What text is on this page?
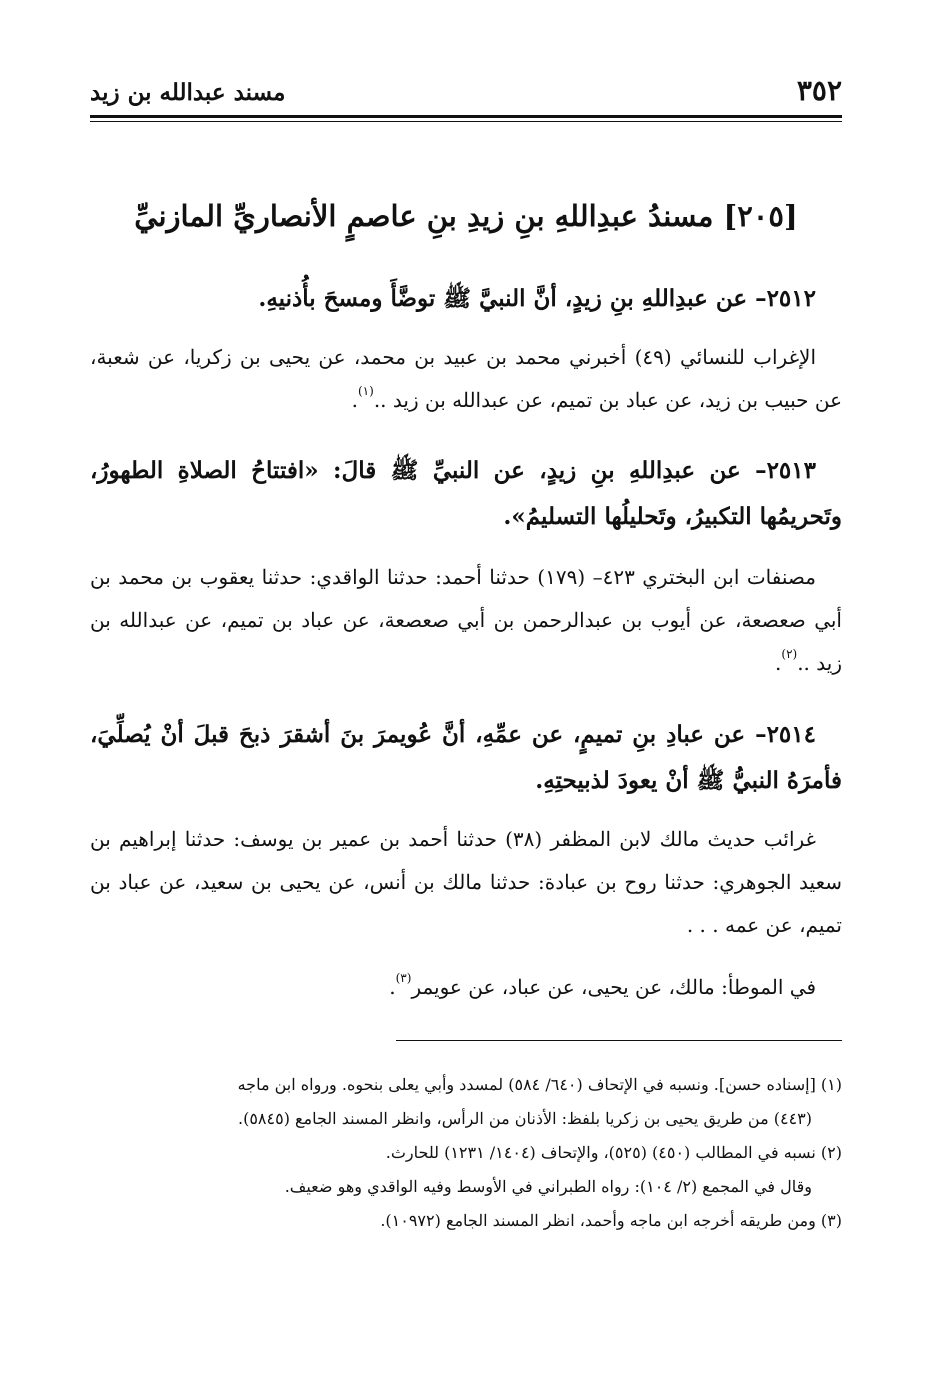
٣٥٢
مسند عبدالله بن زيد
[٢٠٥] مسندُ عبدِاللهِ بنِ زيدِ بنِ عاصمٍ الأنصاريِّ المازنيِّ
٢٥١٢– عن عبدِاللهِ بنِ زيدٍ، أنَّ النبيَّ ﷺ توضَّأَ ومسحَ بأُذنيهِ.
الإغراب للنسائي (٤٩) أخبرني محمد بن عبيد بن محمد، عن يحيى بن زكريا، عن شعبة، عن حبيب بن زيد، عن عباد بن تميم، عن عبدالله بن زيد ..$^{(١)}$.
٢٥١٣– عن عبدِاللهِ بنِ زيدٍ، عن النبيِّ ﷺ قالَ: «افتتاحُ الصلاةِ الطهورُ، وتَحريمُها التكبيرُ، وتَحليلُها التسليمُ».
مصنفات ابن البختري ٤٢٣– (١٧٩) حدثنا أحمد: حدثنا الواقدي: حدثنا يعقوب بن محمد بن أبي صعصعة، عن أيوب بن عبدالرحمن بن أبي صعصعة، عن عباد بن تميم، عن عبدالله بن زيد ..$^{(٢)}$.
٢٥١٤– عن عبادِ بنِ تميمٍ، عن عمِّهِ، أنَّ عُويمرَ بنَ أشقرَ ذبحَ قبلَ أنْ يُصلِّيَ، فأمرَهُ النبيُّ ﷺ أنْ يعودَ لذبيحتِهِ.
غرائب حديث مالك لابن المظفر (٣٨) حدثنا أحمد بن عمير بن يوسف: حدثنا إبراهيم بن سعيد الجوهري: حدثنا روح بن عبادة: حدثنا مالك بن أنس، عن يحيى بن سعيد، عن عباد بن تميم، عن عمه . . .
في الموطأ: مالك، عن يحيى، عن عباد، عن عويمر$^{(٣)}$.

(١) [إسناده حسن]. ونسبه في الإتحاف (٦٤٠/ ٥٨٤) لمسدد وأبي يعلى بنحوه. ورواه ابن ماجه

(٤٤٣) من طريق يحيى بن زكريا بلفظ: الأذنان من الرأس، وانظر المسند الجامع (٥٨٤٥).

(٢) نسبه في المطالب (٤٥٠) (٥٢٥)، والإتحاف (١٤٠٤/ ١٢٣١) للحارث.

وقال في المجمع (٢/ ١٠٤): رواه الطبراني في الأوسط وفيه الواقدي وهو ضعيف.

(٣) ومن طريقه أخرجه ابن ماجه وأحمد، انظر المسند الجامع (١٠٩٧٢).
